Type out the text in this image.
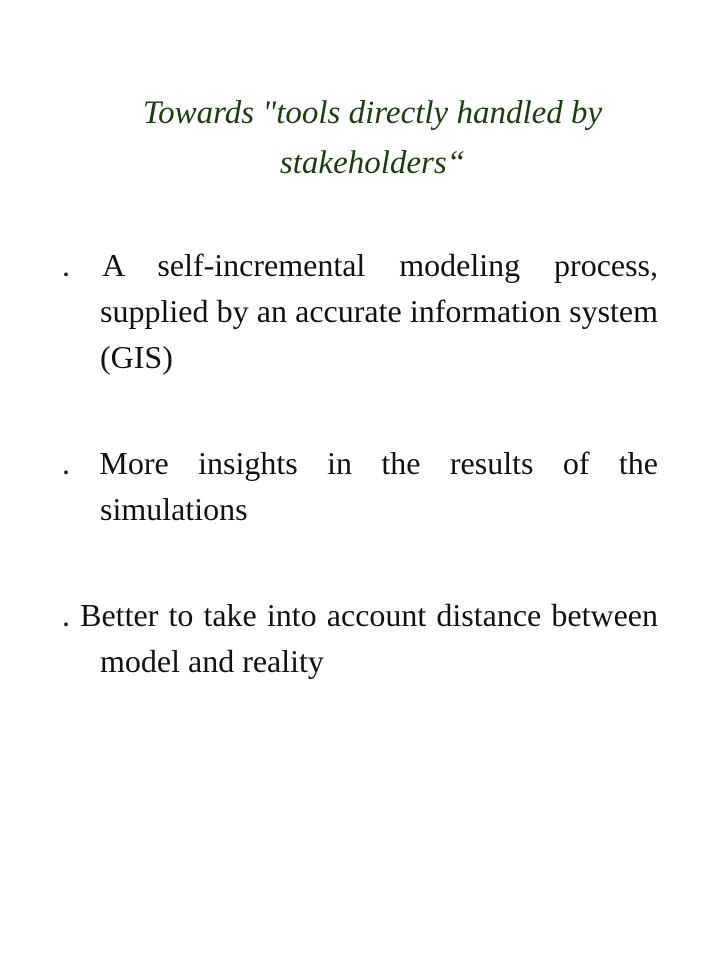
Towards "tools directly handled by stakeholders“
. A self-incremental modeling process, supplied by an accurate information system (GIS)
. More insights in the results of the simulations
. Better to take into account distance between model and reality
